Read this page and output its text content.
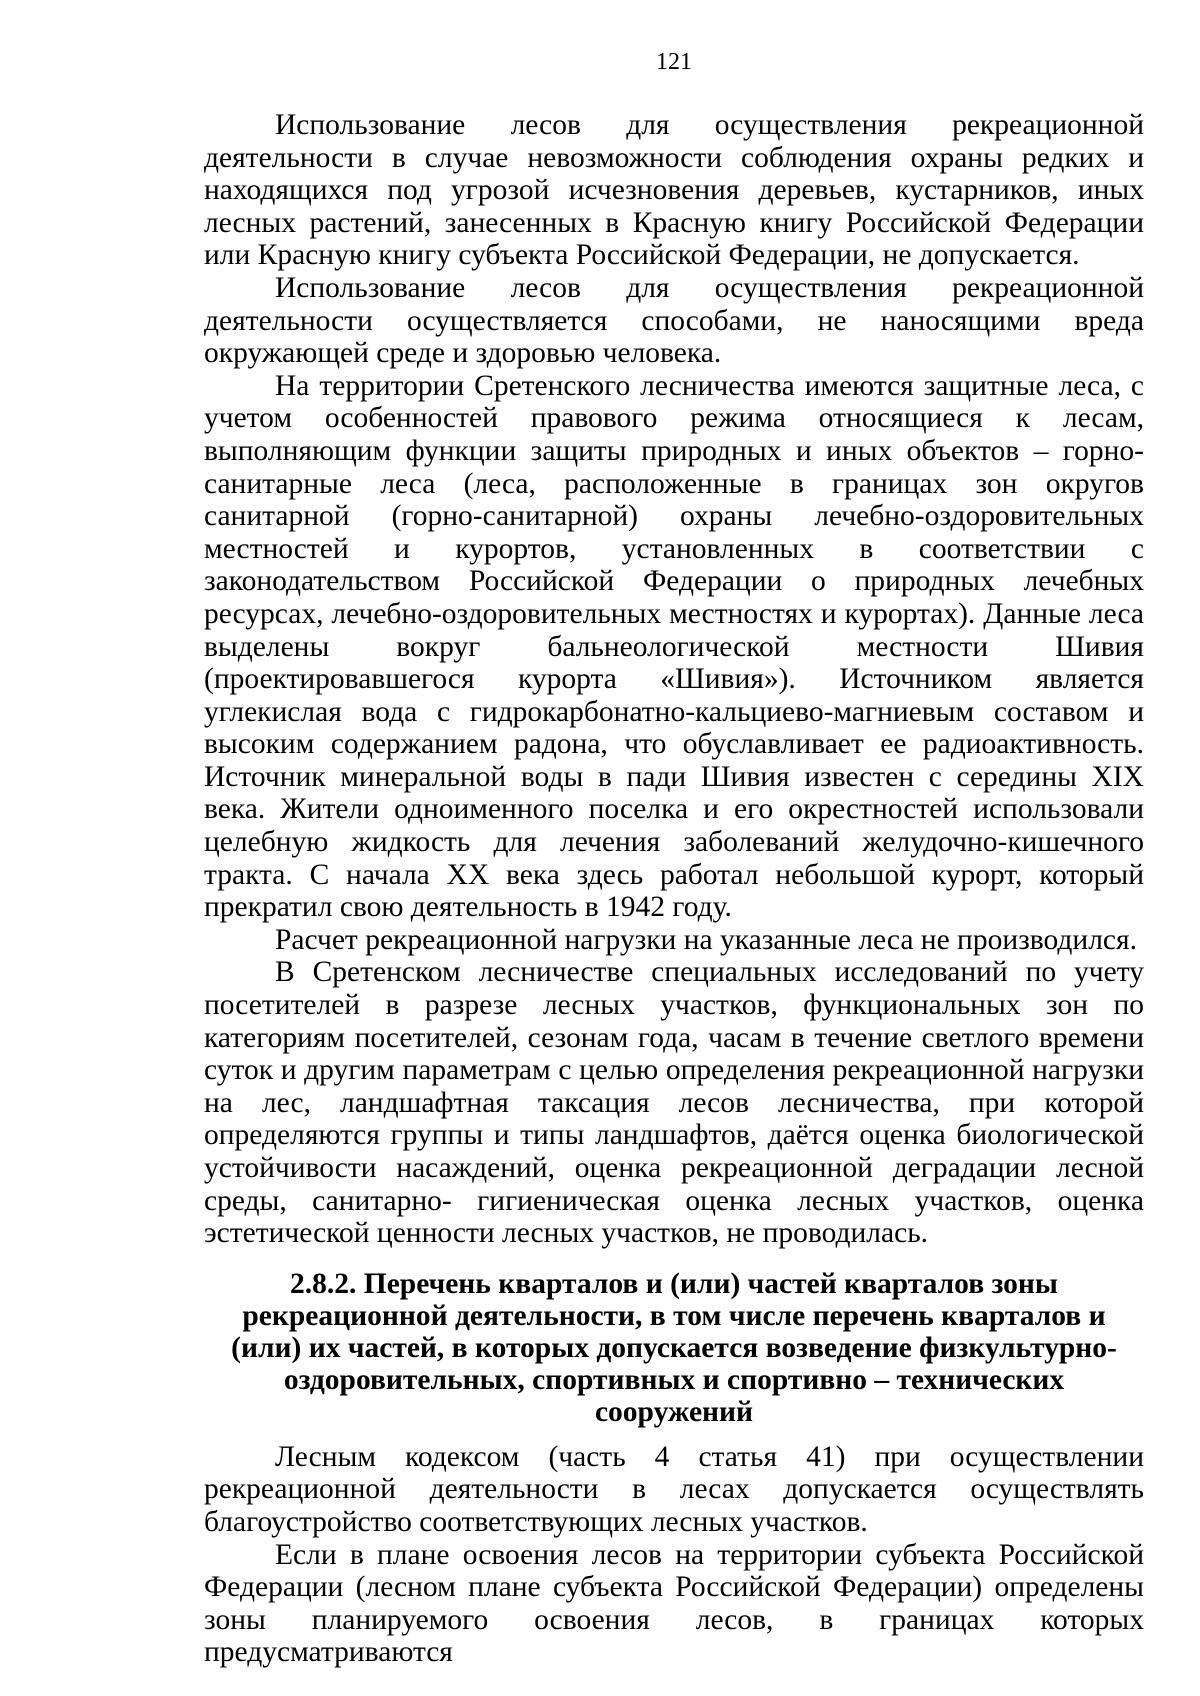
121

Использование лесов для осуществления рекреационной деятельности в случае невозможности соблюдения охраны редких и находящихся под угрозой исчезновения деревьев, кустарников, иных лесных растений, занесенных в Красную книгу Российской Федерации или Красную книгу субъекта Российской Федерации, не допускается.

Использование лесов для осуществления рекреационной деятельности осуществляется способами, не наносящими вреда окружающей среде и здоровью человека.

На территории Сретенского лесничества имеются защитные леса, с учетом особенностей правового режима относящиеся к лесам, выполняющим функции защиты природных и иных объектов – горно-санитарные леса (леса, расположенные в границах зон округов санитарной (горно-санитарной) охраны лечебно-оздоровительных местностей и курортов, установленных в соответствии с законодательством Российской Федерации о природных лечебных ресурсах, лечебно-оздоровительных местностях и курортах). Данные леса выделены вокруг бальнеологической местности Шивия (проектировавшегося курорта «Шивия»). Источником является углекислая вода с гидрокарбонатно-кальциево-магниевым составом и высоким содержанием радона, что обуславливает ее радиоактивность. Источник минеральной воды в пади Шивия известен с середины XIX века. Жители одноименного поселка и его окрестностей использовали целебную жидкость для лечения заболеваний желудочно-кишечного тракта. С начала XX века здесь работал небольшой курорт, который прекратил свою деятельность в 1942 году.

Расчет рекреационной нагрузки на указанные леса не производился.

В Сретенском лесничестве специальных исследований по учету посетителей в разрезе лесных участков, функциональных зон по категориям посетителей, сезонам года, часам в течение светлого времени суток и другим параметрам с целью определения рекреационной нагрузки на лес, ландшафтная таксация лесов лесничества, при которой определяются группы и типы ландшафтов, даётся оценка биологической устойчивости насаждений, оценка рекреационной деградации лесной среды, санитарно- гигиеническая оценка лесных участков, оценка эстетической ценности лесных участков, не проводилась.

2.8.2. Перечень кварталов и (или) частей кварталов зоны рекреационной деятельности, в том числе перечень кварталов и (или) их частей, в которых допускается возведение физкультурно-оздоровительных, спортивных и спортивно – технических сооружений

Лесным кодексом (часть 4 статья 41) при осуществлении рекреационной деятельности в лесах допускается осуществлять благоустройство соответствующих лесных участков.

Если в плане освоения лесов на территории субъекта Российской Федерации (лесном плане субъекта Российской Федерации) определены зоны планируемого освоения лесов, в границах которых предусматриваются
